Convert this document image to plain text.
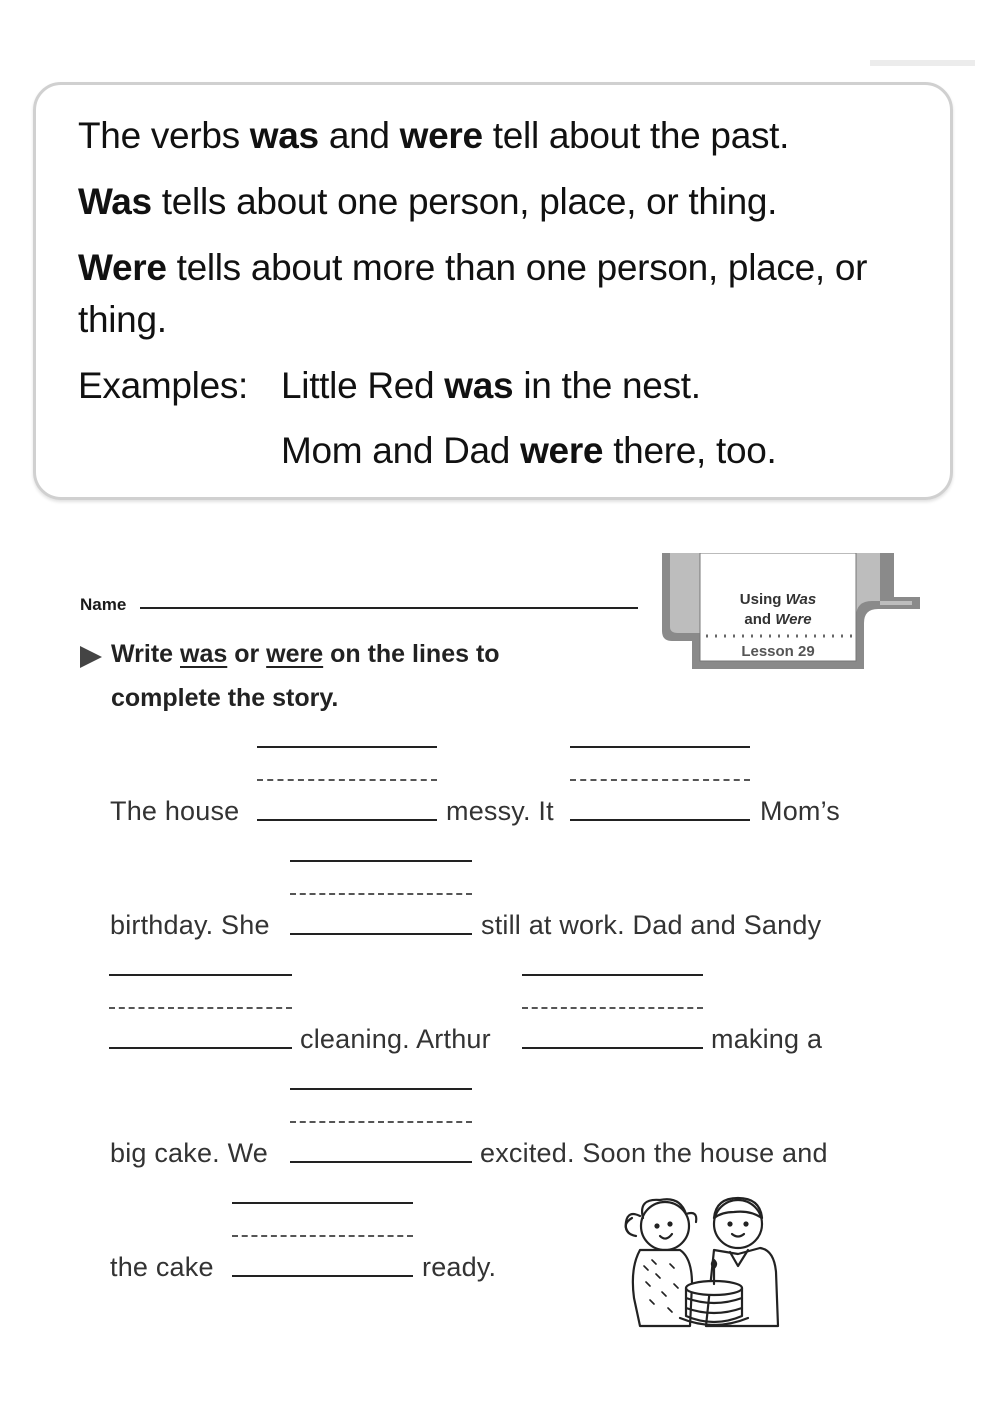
The verbs was and were tell about the past.
Was tells about one person, place, or thing.
Were tells about more than one person, place, or
thing.
Examples: Little Red was in the nest.
Mom and Dad were there, too.
Name
Write was or were on the lines to
complete the story.
Using Was
and Were
Lesson 29
The house	messy. It	Mom’s
birthday. She	still at work. Dad and Sandy
cleaning. Arthur	making a
big cake. We	excited. Soon the house and
the cake	ready.
